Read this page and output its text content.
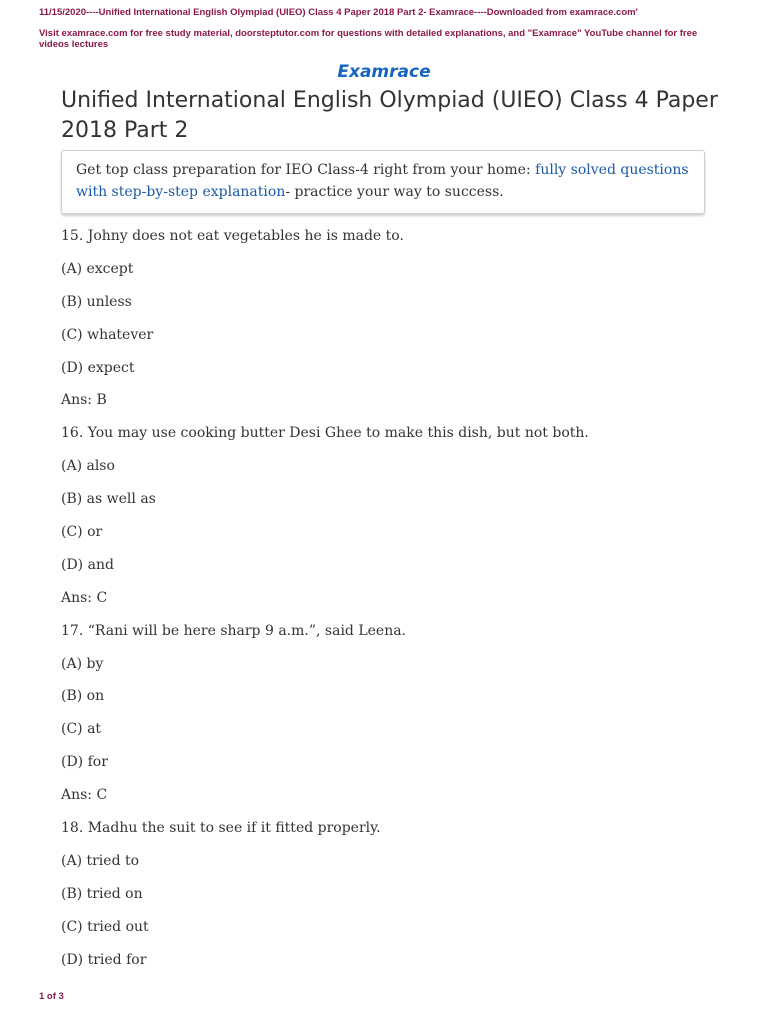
11/15/2020----Unified International English Olympiad (UIEO) Class 4 Paper 2018 Part 2- Examrace----Downloaded from examrace.com'
Visit examrace.com for free study material, doorsteptutor.com for questions with detailed explanations, and "Examrace" YouTube channel for free videos lectures
Examrace
Unified International English Olympiad (UIEO) Class 4 Paper 2018 Part 2
Get top class preparation for IEO Class-4 right from your home: fully solved questions with step-by-step explanation- practice your way to success.
15. Johny does not eat vegetables he is made to.
(A) except
(B) unless
(C) whatever
(D) expect
Ans: B
16. You may use cooking butter Desi Ghee to make this dish, but not both.
(A) also
(B) as well as
(C) or
(D) and
Ans: C
17. “Rani will be here sharp 9 a.m.”, said Leena.
(A) by
(B) on
(C) at
(D) for
Ans: C
18. Madhu the suit to see if it fitted properly.
(A) tried to
(B) tried on
(C) tried out
(D) tried for
1 of 3
